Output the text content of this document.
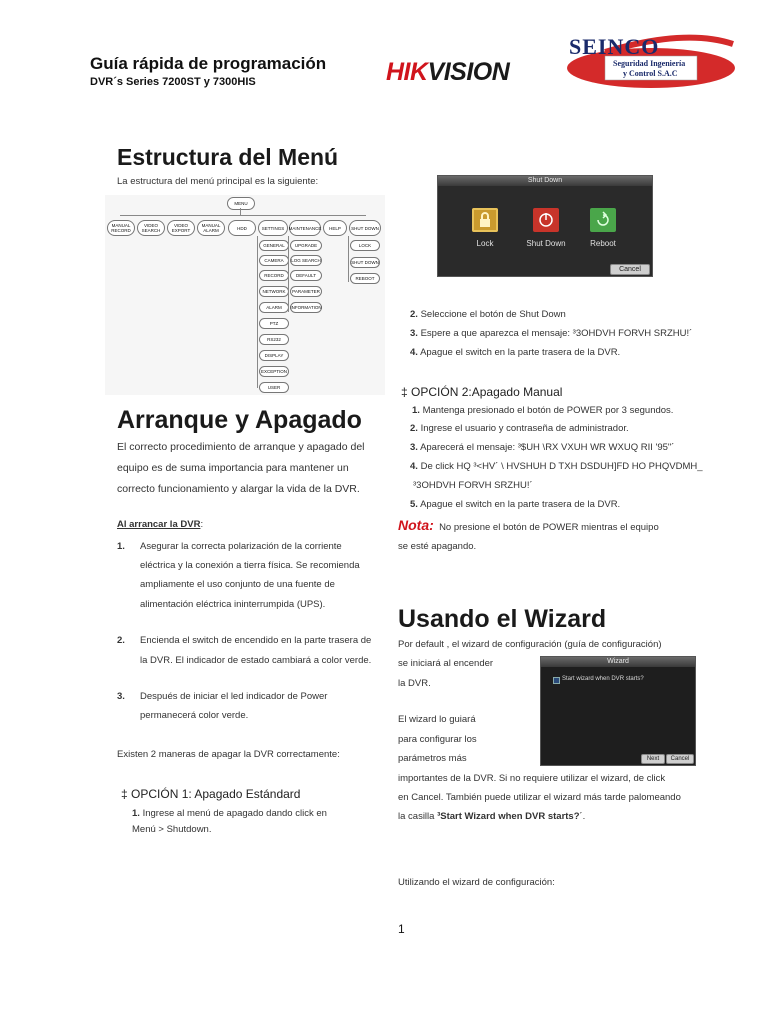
Guía rápida de programación
DVR´s Series 7200ST y 7300HIS	HIKVISION
SEINCO
Seguridad Ingeniería
y Control S.A.C
Estructura del Menú
La estructura del menú principal es la siguiente:
MENU
MANUAL RECORD
VIDEO SEARCH
VIDEO EXPORT
MANUAL ALARM	HDD	SETTINGS MAINTENANCE	HELP	SHUT DOWN
GENERAL
CAMERA
RECORD
NETWORK
ALARM
PTZ
RS232
DISPLAY
EXCEPTION
USER
UPGRADE
LOG SEARCH
DEFAULT
PARAMETER
INFORMATION
LOCK
SHUT DOWN
REBOOT
Arranque y Apagado
El correcto procedimiento de arranque y apagado del
equipo es de suma importancia para mantener un
correcto funcionamiento y alargar la vida de la DVR.
Al arrancar la DVR:
1. Asegurar la correcta polarización de la corriente
eléctrica y la conexión a tierra física. Se recomienda
ampliamente el uso conjunto de una fuente de
alimentación eléctrica ininterrumpida (UPS).
2. Encienda el switch de encendido en la parte trasera de
la DVR. El indicador de estado cambiará a color verde.
3. Después de iniciar el led indicador de Power
permanecerá color verde.
Existen 2 maneras de apagar la DVR correctamente:
‡ OPCIÓN 1: Apagado Estándard
1. Ingrese al menú de apagado dando click en
Menú > Shutdown.
Shut Down
Lock	Shut Down	Reboot
Cancel
2. Seleccione el botón de Shut Down
3. Espere a que aparezca el mensaje: ³3OHDVH FORVH SRZHU!´
4. Apague el switch en la parte trasera de la DVR.
‡ OPCIÓN 2:Apagado Manual
1. Mantenga presionado el botón de POWER por 3 segundos.
2. Ingrese el usuario y contraseña de administrador.
3. Aparecerá el mensaje: ³$UH \RX VXUH WR WXUQ RII '95"´
4. De click HQ ³<HV´ \ HVSHUH D TXH DSDUH]FD HO PHQVDMH_
³3OHDVH FORVH SRZHU!´
5. Apague el switch en la parte trasera de la DVR.
Nota: No presione el botón de POWER mientras el equipo
se esté apagando.
Usando el Wizard
Por default , el wizard de configuración (guía de configuración)
se iniciará al encender
la DVR.
El wizard lo guiará
para configurar los
parámetros más
importantes de la DVR. Si no requiere utilizar el wizard, de click
en Cancel. También puede utilizar el wizard más tarde palomeando
la casilla ³Start Wizard when DVR starts?´.
Utilizando el wizard de configuración:
Wizard
Start wizard when DVR starts?
Next	Cancel
1
